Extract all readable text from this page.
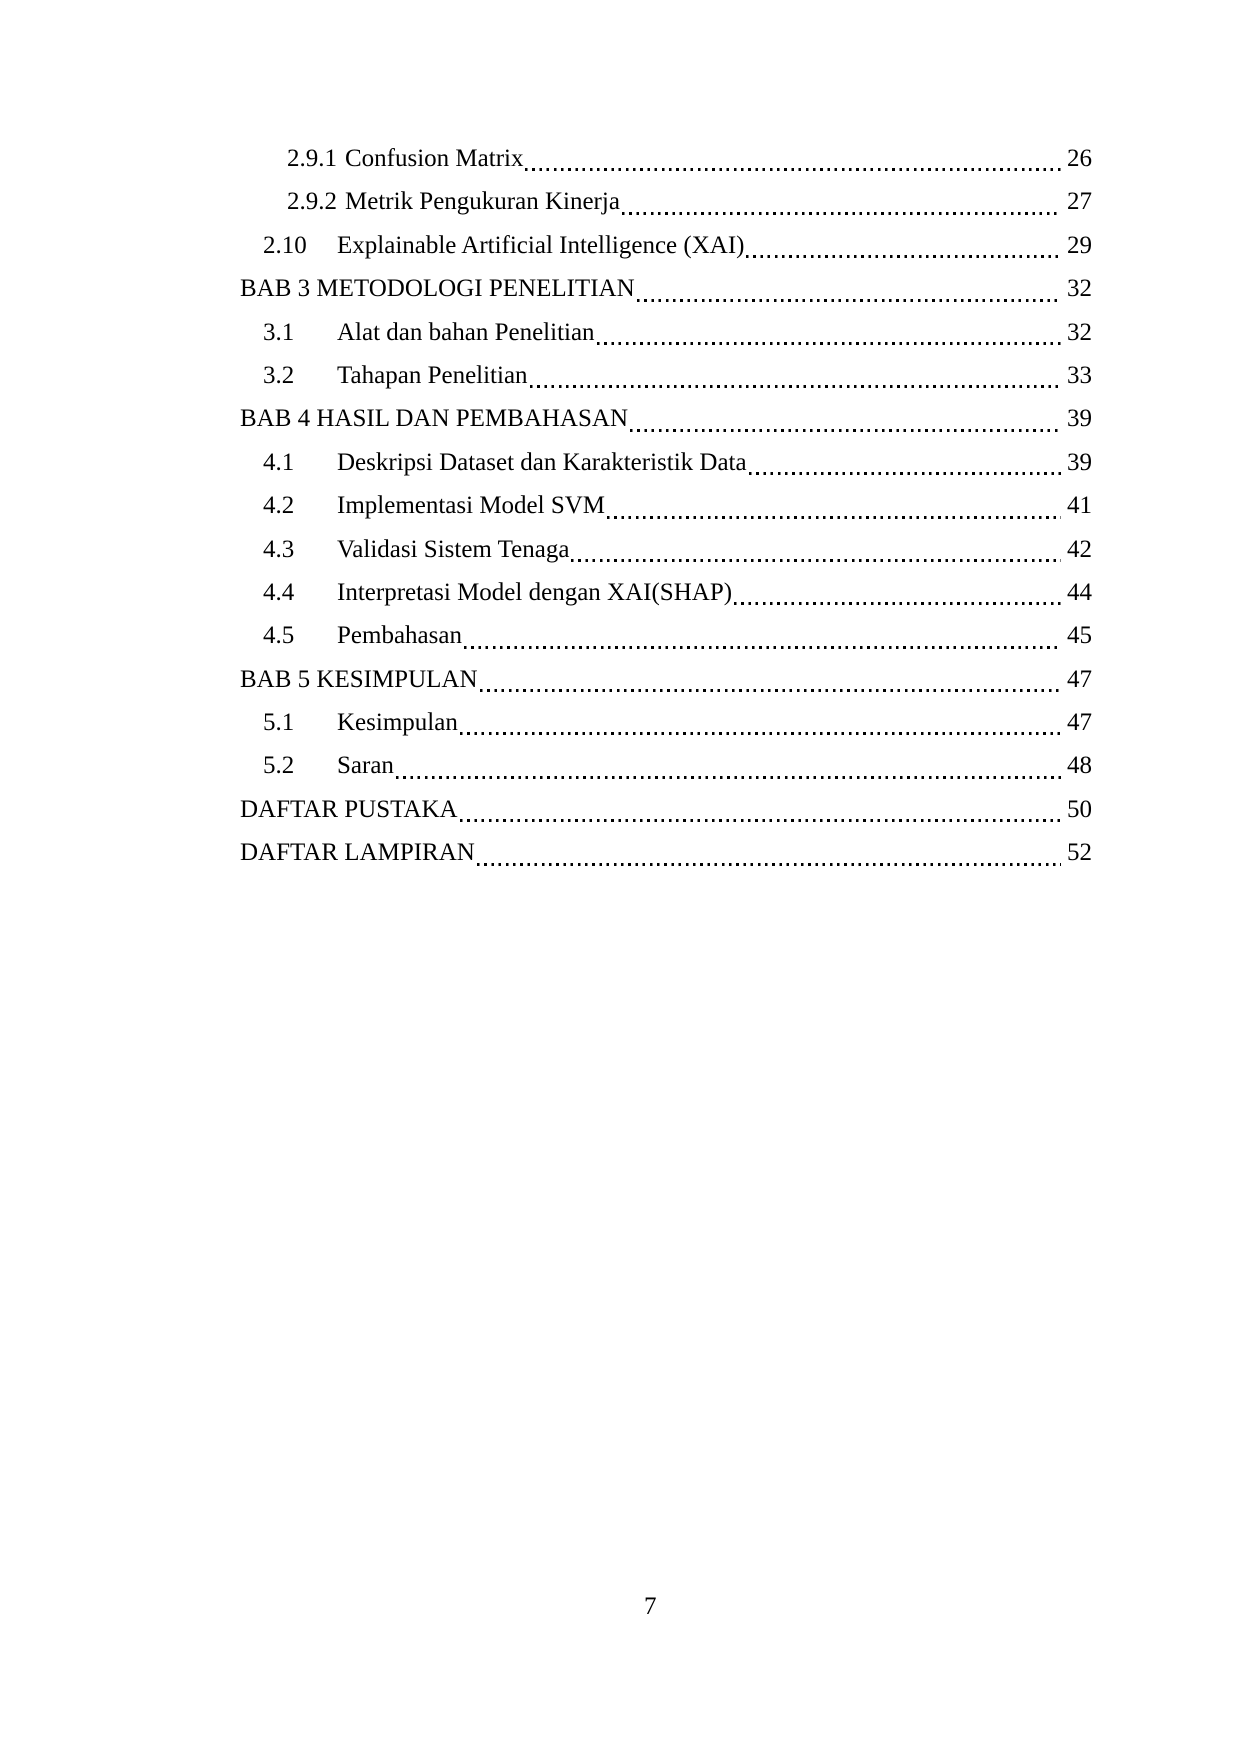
2.9.1 Confusion Matrix	26
2.9.2 Metrik Pengukuran Kinerja	27
2.10	Explainable Artificial Intelligence (XAI)	29
BAB 3 METODOLOGI PENELITIAN	32
3.1	Alat dan bahan Penelitian	32
3.2	Tahapan Penelitian	33
BAB 4 HASIL DAN PEMBAHASAN	39
4.1	Deskripsi Dataset dan Karakteristik Data	39
4.2	Implementasi Model SVM	41
4.3	Validasi Sistem Tenaga	42
4.4	Interpretasi Model dengan XAI(SHAP)	44
4.5	Pembahasan	45
BAB 5 KESIMPULAN	47
5.1	Kesimpulan	47
5.2	Saran	48
DAFTAR PUSTAKA	50
DAFTAR LAMPIRAN	52
7
